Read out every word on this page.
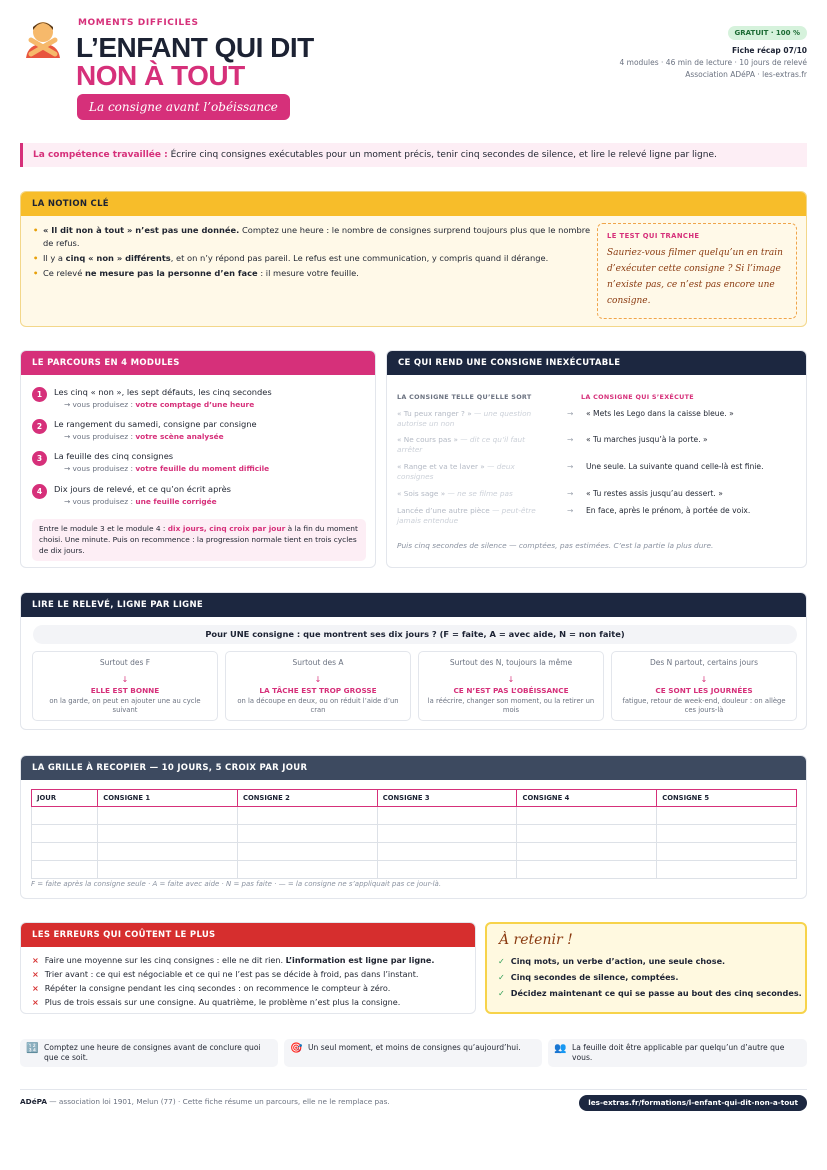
MOMENTS DIFFICILES
L’ENFANT QUI DIT
NON À TOUT
La consigne avant l’obéissance
GRATUIT · 100 %
Fiche récap 07/10
4 modules · 46 min de lecture · 10 jours de relevé
Association ADéPA · les-extras.fr
La compétence travaillée : Écrire cinq consignes exécutables pour un moment précis, tenir cinq secondes de silence, et lire le relevé ligne par ligne.
LA NOTION CLÉ
• « Il dit non à tout » n’est pas une donnée. Comptez une heure : le nombre de consignes surprend toujours plus que le nombre de refus.
• Il y a cinq « non » différents, et on n’y répond pas pareil. Le refus est une communication, y compris quand il dérange.
• Ce relevé ne mesure pas la personne d’en face : il mesure votre feuille.
LE TEST QUI TRANCHE
Sauriez-vous filmer quelqu’un en train d’exécuter cette consigne ? Si l’image n’existe pas, ce n’est pas encore une consigne.
LE PARCOURS EN 4 MODULES
1	Les cinq « non », les sept défauts, les cinq secondes
→ vous produisez : votre comptage d’une heure
2	Le rangement du samedi, consigne par consigne
→ vous produisez : votre scène analysée
3	La feuille des cinq consignes
→ vous produisez : votre feuille du moment difficile
4	Dix jours de relevé, et ce qu’on écrit après
→ vous produisez : une feuille corrigée
Entre le module 3 et le module 4 : dix jours, cinq croix par jour à la fin du moment choisi. Une minute. Puis on recommence : la progression normale tient en trois cycles de dix jours.
CE QUI REND UNE CONSIGNE INEXÉCUTABLE
LA CONSIGNE TELLE QU’ELLE SORT	LA CONSIGNE QUI S’EXÉCUTE
« Tu peux ranger ? » — une question autorise un non
→ « Mets les Lego dans la caisse bleue. »
« Ne cours pas » — dit ce qu’il faut arrêter
→ « Tu marches jusqu’à la porte. »
« Range et va te laver » — deux consignes
→ Une seule. La suivante quand celle-là est finie.
« Sois sage » — ne se filme pas	→ « Tu restes assis jusqu’au dessert. »
Lancée d’une autre pièce — peut-être jamais entendue
→ En face, après le prénom, à portée de voix.
Puis cinq secondes de silence — comptées, pas estimées. C’est la partie la plus dure.
LIRE LE RELEVÉ, LIGNE PAR LIGNE
Pour UNE consigne : que montrent ses dix jours ? (F = faite, A = avec aide, N = non faite)
Surtout des F
↓
ELLE EST BONNE
on la garde, on peut en ajouter une au cycle suivant
Surtout des A
↓
LA TÂCHE EST TROP GROSSE
on la découpe en deux, ou on réduit l’aide d’un cran
Surtout des N, toujours la même
↓
CE N’EST PAS L’OBÉISSANCE
la réécrire, changer son moment, ou la retirer un mois
Des N partout, certains jours
↓
CE SONT LES JOURNÉES
fatigue, retour de week-end, douleur : on allège ces jours-là
LA GRILLE À RECOPIER — 10 JOURS, 5 CROIX PAR JOUR
JOUR	CONSIGNE 1	CONSIGNE 2	CONSIGNE 3	CONSIGNE 4	CONSIGNE 5

F = faite après la consigne seule · A = faite avec aide · N = pas faite · — = la consigne ne s’appliquait pas ce jour-là.
LES ERREURS QUI COÛTENT LE PLUS
× Faire une moyenne sur les cinq consignes : elle ne dit rien. L’information est ligne par ligne.
× Trier avant : ce qui est négociable et ce qui ne l’est pas se décide à froid, pas dans l’instant.
× Répéter la consigne pendant les cinq secondes : on recommence le compteur à zéro.
× Plus de trois essais sur une consigne. Au quatrième, le problème n’est plus la consigne.
À retenir !
✓ Cinq mots, un verbe d’action, une seule chose.
✓ Cinq secondes de silence, comptées.
✓ Décidez maintenant ce qui se passe au bout des cinq secondes.
🔢 Comptez une heure de consignes avant de conclure quoi que ce soit.
🎯 Un seul moment, et moins de consignes qu’aujourd’hui.	👥 La feuille doit être applicable par quelqu’un d’autre que vous.
ADéPA — association loi 1901, Melun (77) · Cette fiche résume un parcours, elle ne le remplace pas.	les-extras.fr/formations/l-enfant-qui-dit-non-a-tout
